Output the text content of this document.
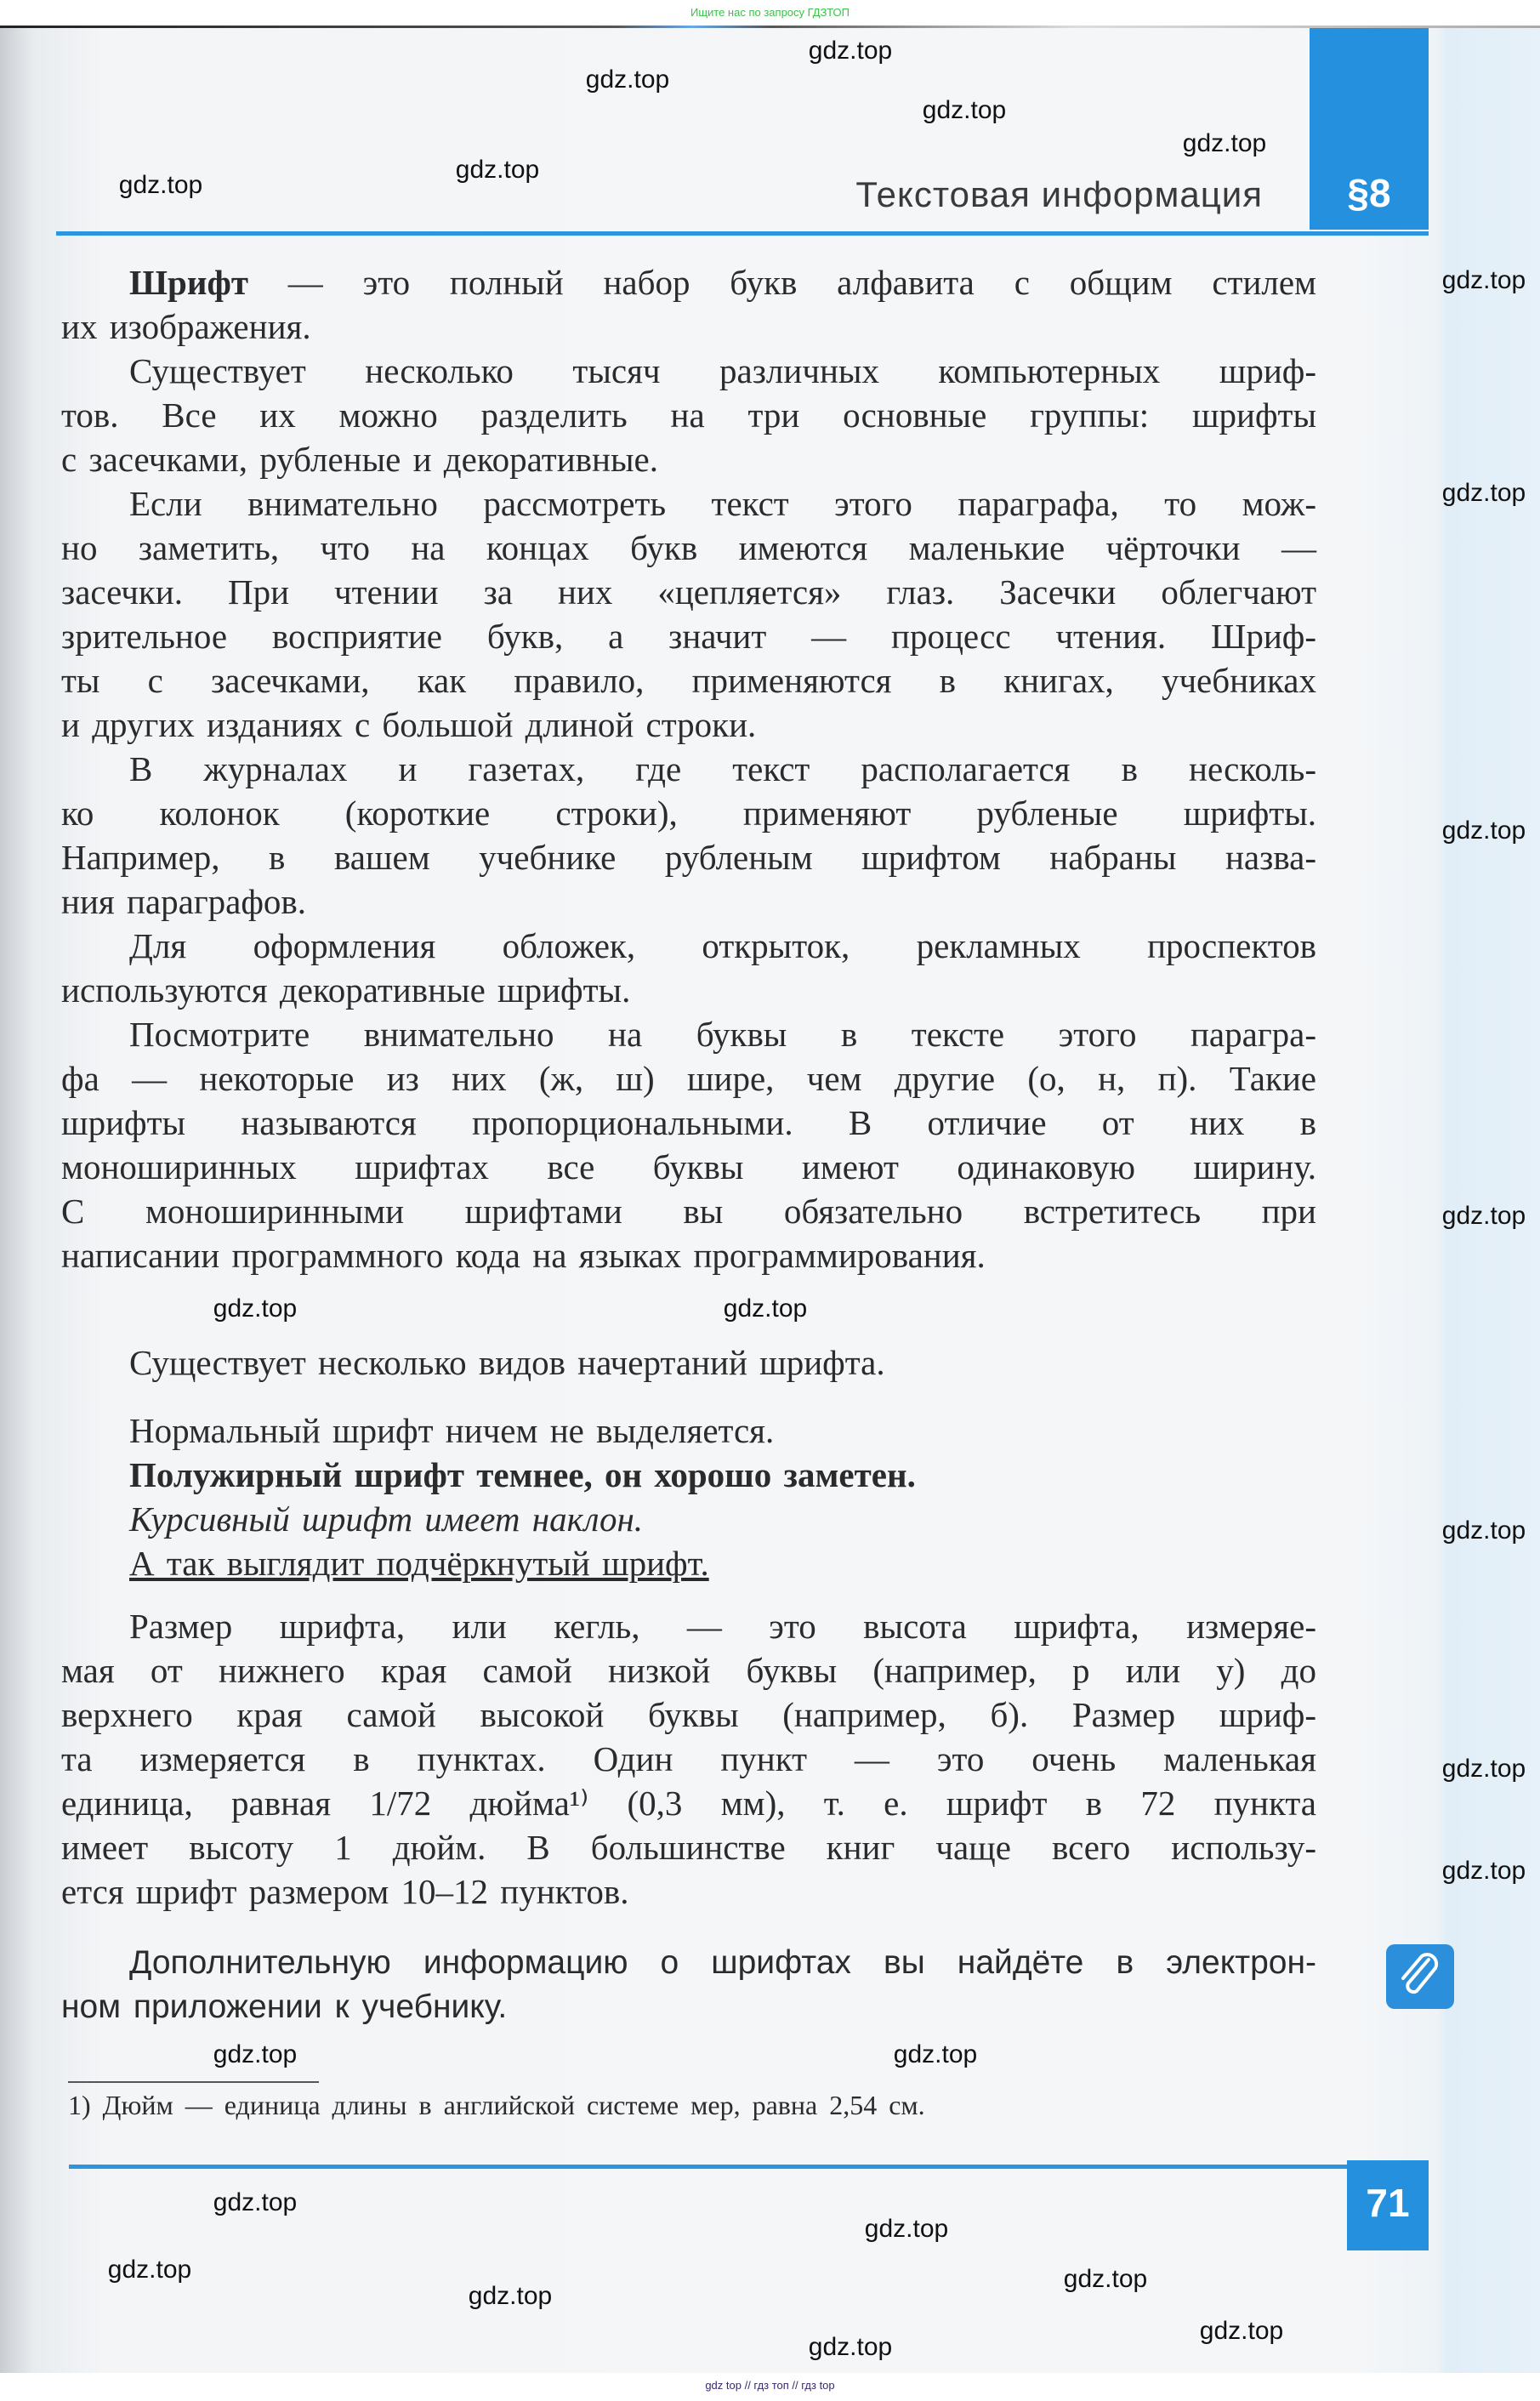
Ищите нас по запросу ГДЗТОП
§8
Текстовая информация
Шрифт — это полный набор букв алфавита с общим стилем
их изображения.
Существует несколько тысяч различных компьютерных шриф-
тов. Все их можно разделить на три основные группы: шрифты
с засечками, рубленые и декоративные.
Если внимательно рассмотреть текст этого параграфа, то мож-
но заметить, что на концах букв имеются маленькие чёрточки —
засечки. При чтении за них «цепляется» глаз. Засечки облегчают
зрительное восприятие букв, а значит — процесс чтения. Шриф-
ты с засечками, как правило, применяются в книгах, учебниках
и других изданиях с большой длиной строки.
В журналах и газетах, где текст располагается в несколь-
ко колонок (короткие строки), применяют рубленые шрифты.
Например, в вашем учебнике рубленым шрифтом набраны назва-
ния параграфов.
Для оформления обложек, открыток, рекламных проспектов
используются декоративные шрифты.
Посмотрите внимательно на буквы в тексте этого парагра-
фа — некоторые из них (ж, ш) шире, чем другие (о, н, п). Такие
шрифты называются пропорциональными. В отличие от них в
моноширинных шрифтах все буквы имеют одинаковую ширину.
С моноширинными шрифтами вы обязательно встретитесь при
написании программного кода на языках программирования.
Существует несколько видов начертаний шрифта.
Нормальный шрифт ничем не выделяется.
Полужирный шрифт темнее, он хорошо заметен.
Курсивный шрифт имеет наклон.
А так выглядит подчёркнутый шрифт.
Размер шрифта, или кегль, — это высота шрифта, измеряе-
мая от нижнего края самой низкой буквы (например, р или у) до
верхнего края самой высокой буквы (например, б). Размер шриф-
та измеряется в пунктах. Один пункт — это очень маленькая
единица, равная 1/72 дюйма¹⁾ (0,3 мм), т. е. шрифт в 72 пункта
имеет высоту 1 дюйм. В большинстве книг чаще всего использу-
ется шрифт размером 10–12 пунктов.
Дополнительную информацию о шрифтах вы найдёте в электрон-
ном приложении к учебнику.
1) Дюйм — единица длины в английской системе мер, равна 2,54 см.
71
gdz.top
gdz.top
gdz.top
gdz.top
gdz.top
gdz.top
gdz.top
gdz.top
gdz.top
gdz.top
gdz.top
gdz.top
gdz.top
gdz.top	gdz.top
gdz.top	gdz.top
gdz.top
gdz.top
gdz.top
gdz.top
gdz.top
gdz.top
gdz.top
gdz top // гдз топ // гдз top
